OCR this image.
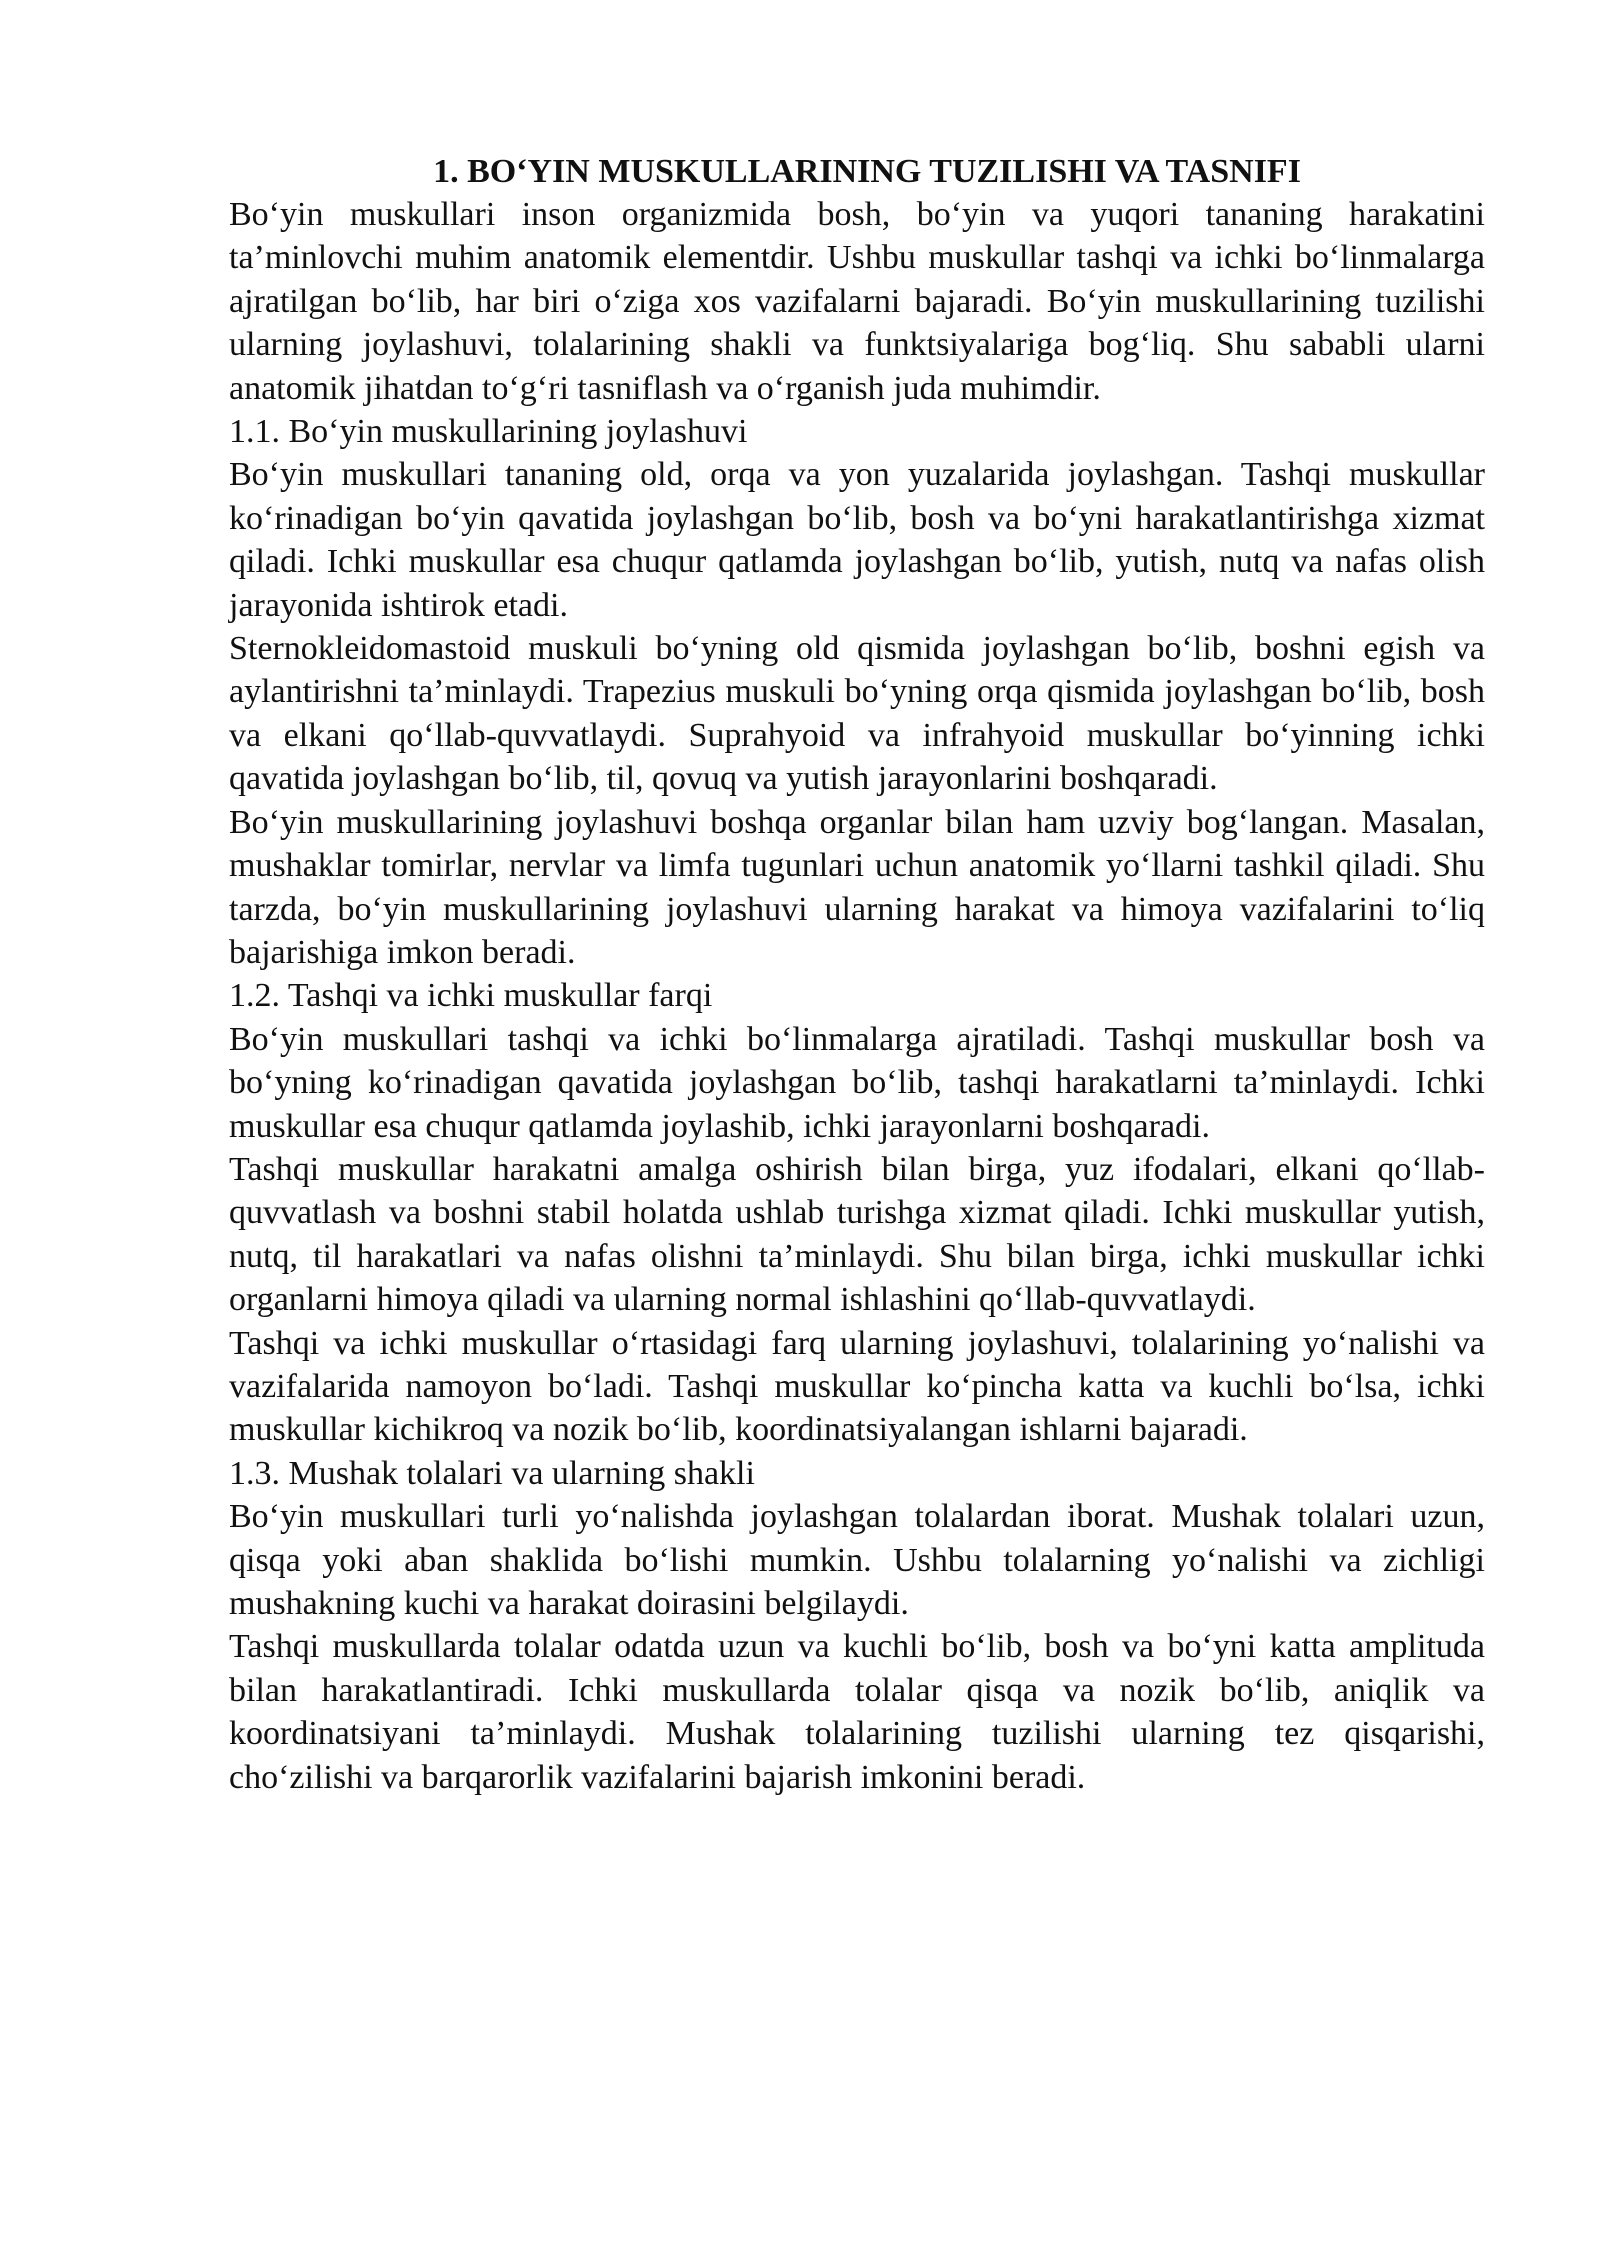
1. BO‘YIN MUSKULLARINING TUZILISHI VA TASNIFI

Bo‘yin muskullari inson organizmida bosh, bo‘yin va yuqori tananing harakatini ta’minlovchi muhim anatomik elementdir. Ushbu muskullar tashqi va ichki bo‘linmalarga ajratilgan bo‘lib, har biri o‘ziga xos vazifalarni bajaradi. Bo‘yin muskullarining tuzilishi ularning joylashuvi, tolalarining shakli va funktsiyalariga bog‘liq. Shu sababli ularni anatomik jihatdan to‘g‘ri tasniflash va o‘rganish juda muhimdir.

1.1. Bo‘yin muskullarining joylashuvi

Bo‘yin muskullari tananing old, orqa va yon yuzalarida joylashgan. Tashqi muskullar ko‘rinadigan bo‘yin qavatida joylashgan bo‘lib, bosh va bo‘yni harakatlantirishga xizmat qiladi. Ichki muskullar esa chuqur qatlamda joylashgan bo‘lib, yutish, nutq va nafas olish jarayonida ishtirok etadi.

Sternokleidomastoid muskuli bo‘yning old qismida joylashgan bo‘lib, boshni egish va aylantirishni ta’minlaydi. Trapezius muskuli bo‘yning orqa qismida joylashgan bo‘lib, bosh va elkani qo‘llab-quvvatlaydi. Suprahyoid va infrahyoid muskullar bo‘yinning ichki qavatida joylashgan bo‘lib, til, qovuq va yutish jarayonlarini boshqaradi.

Bo‘yin muskullarining joylashuvi boshqa organlar bilan ham uzviy bog‘langan. Masalan, mushaklar tomirlar, nervlar va limfa tugunlari uchun anatomik yo‘llarni tashkil qiladi. Shu tarzda, bo‘yin muskullarining joylashuvi ularning harakat va himoya vazifalarini to‘liq bajarishiga imkon beradi.

1.2. Tashqi va ichki muskullar farqi

Bo‘yin muskullari tashqi va ichki bo‘linmalarga ajratiladi. Tashqi muskullar bosh va bo‘yning ko‘rinadigan qavatida joylashgan bo‘lib, tashqi harakatlarni ta’minlaydi. Ichki muskullar esa chuqur qatlamda joylashib, ichki jarayonlarni boshqaradi.

Tashqi muskullar harakatni amalga oshirish bilan birga, yuz ifodalari, elkani qo‘llab-quvvatlash va boshni stabil holatda ushlab turishga xizmat qiladi. Ichki muskullar yutish, nutq, til harakatlari va nafas olishni ta’minlaydi. Shu bilan birga, ichki muskullar ichki organlarni himoya qiladi va ularning normal ishlashini qo‘llab-quvvatlaydi.

Tashqi va ichki muskullar o‘rtasidagi farq ularning joylashuvi, tolalarining yo‘nalishi va vazifalarida namoyon bo‘ladi. Tashqi muskullar ko‘pincha katta va kuchli bo‘lsa, ichki muskullar kichikroq va nozik bo‘lib, koordinatsiyalangan ishlarni bajaradi.

1.3. Mushak tolalari va ularning shakli

Bo‘yin muskullari turli yo‘nalishda joylashgan tolalardan iborat. Mushak tolalari uzun, qisqa yoki aban shaklida bo‘lishi mumkin. Ushbu tolalarning yo‘nalishi va zichligi mushakning kuchi va harakat doirasini belgilaydi.

Tashqi muskullarda tolalar odatda uzun va kuchli bo‘lib, bosh va bo‘yni katta amplituda bilan harakatlantiradi. Ichki muskullarda tolalar qisqa va nozik bo‘lib, aniqlik va koordinatsiyani ta’minlaydi. Mushak tolalarining tuzilishi ularning tez qisqarishi, cho‘zilishi va barqarorlik vazifalarini bajarish imkonini beradi.
